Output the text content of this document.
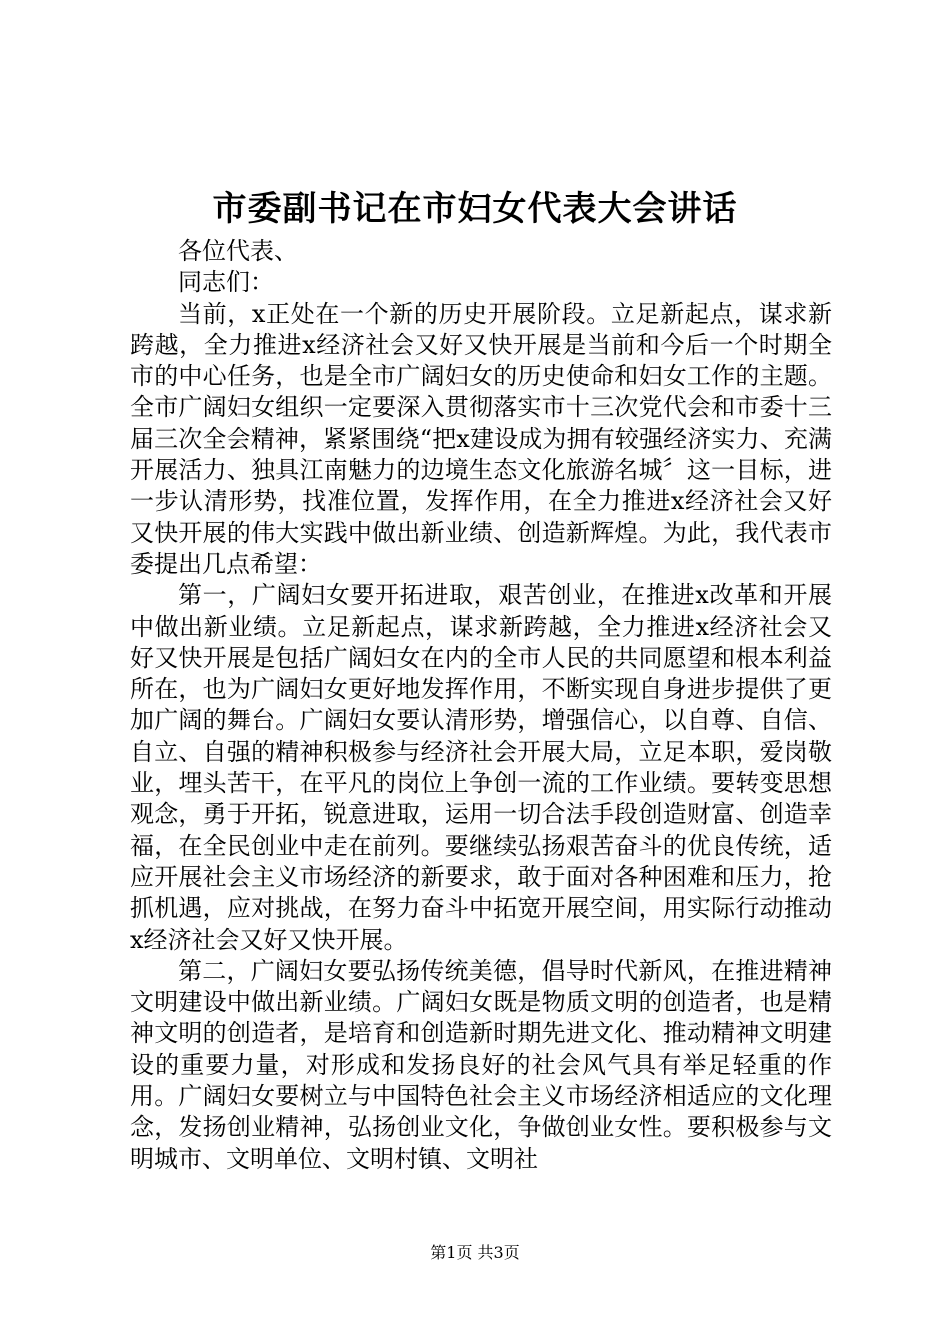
市委副书记在市妇女代表大会讲话

各位代表、

同志们：

当前，x正处在一个新的历史开展阶段。立足新起点，谋求新跨越，全力推进x经济社会又好又快开展是当前和今后一个时期全市的中心任务，也是全市广阔妇女的历史使命和妇女工作的主题。全市广阔妇女组织一定要深入贯彻落实市十三次党代会和市委十三届三次全会精神，紧紧围绕“把x建设成为拥有较强经济实力、充满开展活力、独具江南魅力的边境生态文化旅游名城〞这一目标，进一步认清形势，找准位置，发挥作用，在全力推进x经济社会又好又快开展的伟大实践中做出新业绩、创造新辉煌。为此，我代表市委提出几点希望：

第一，广阔妇女要开拓进取，艰苦创业，在推进x改革和开展中做出新业绩。立足新起点，谋求新跨越，全力推进x经济社会又好又快开展是包括广阔妇女在内的全市人民的共同愿望和根本利益所在，也为广阔妇女更好地发挥作用，不断实现自身进步提供了更加广阔的舞台。广阔妇女要认清形势，增强信心，以自尊、自信、自立、自强的精神积极参与经济社会开展大局，立足本职，爱岗敬业，埋头苦干，在平凡的岗位上争创一流的工作业绩。要转变思想观念，勇于开拓，锐意进取，运用一切合法手段创造财富、创造幸福，在全民创业中走在前列。要继续弘扬艰苦奋斗的优良传统，适应开展社会主义市场经济的新要求，敢于面对各种困难和压力，抢抓机遇，应对挑战，在努力奋斗中拓宽开展空间，用实际行动推动x经济社会又好又快开展。

第二，广阔妇女要弘扬传统美德，倡导时代新风，在推进精神文明建设中做出新业绩。广阔妇女既是物质文明的创造者，也是精神文明的创造者，是培育和创造新时期先进文化、推动精神文明建设的重要力量，对形成和发扬良好的社会风气具有举足轻重的作用。广阔妇女要树立与中国特色社会主义市场经济相适应的文化理念，发扬创业精神，弘扬创业文化，争做创业女性。要积极参与文明城市、文明单位、文明村镇、文明社

第1页 共3页
